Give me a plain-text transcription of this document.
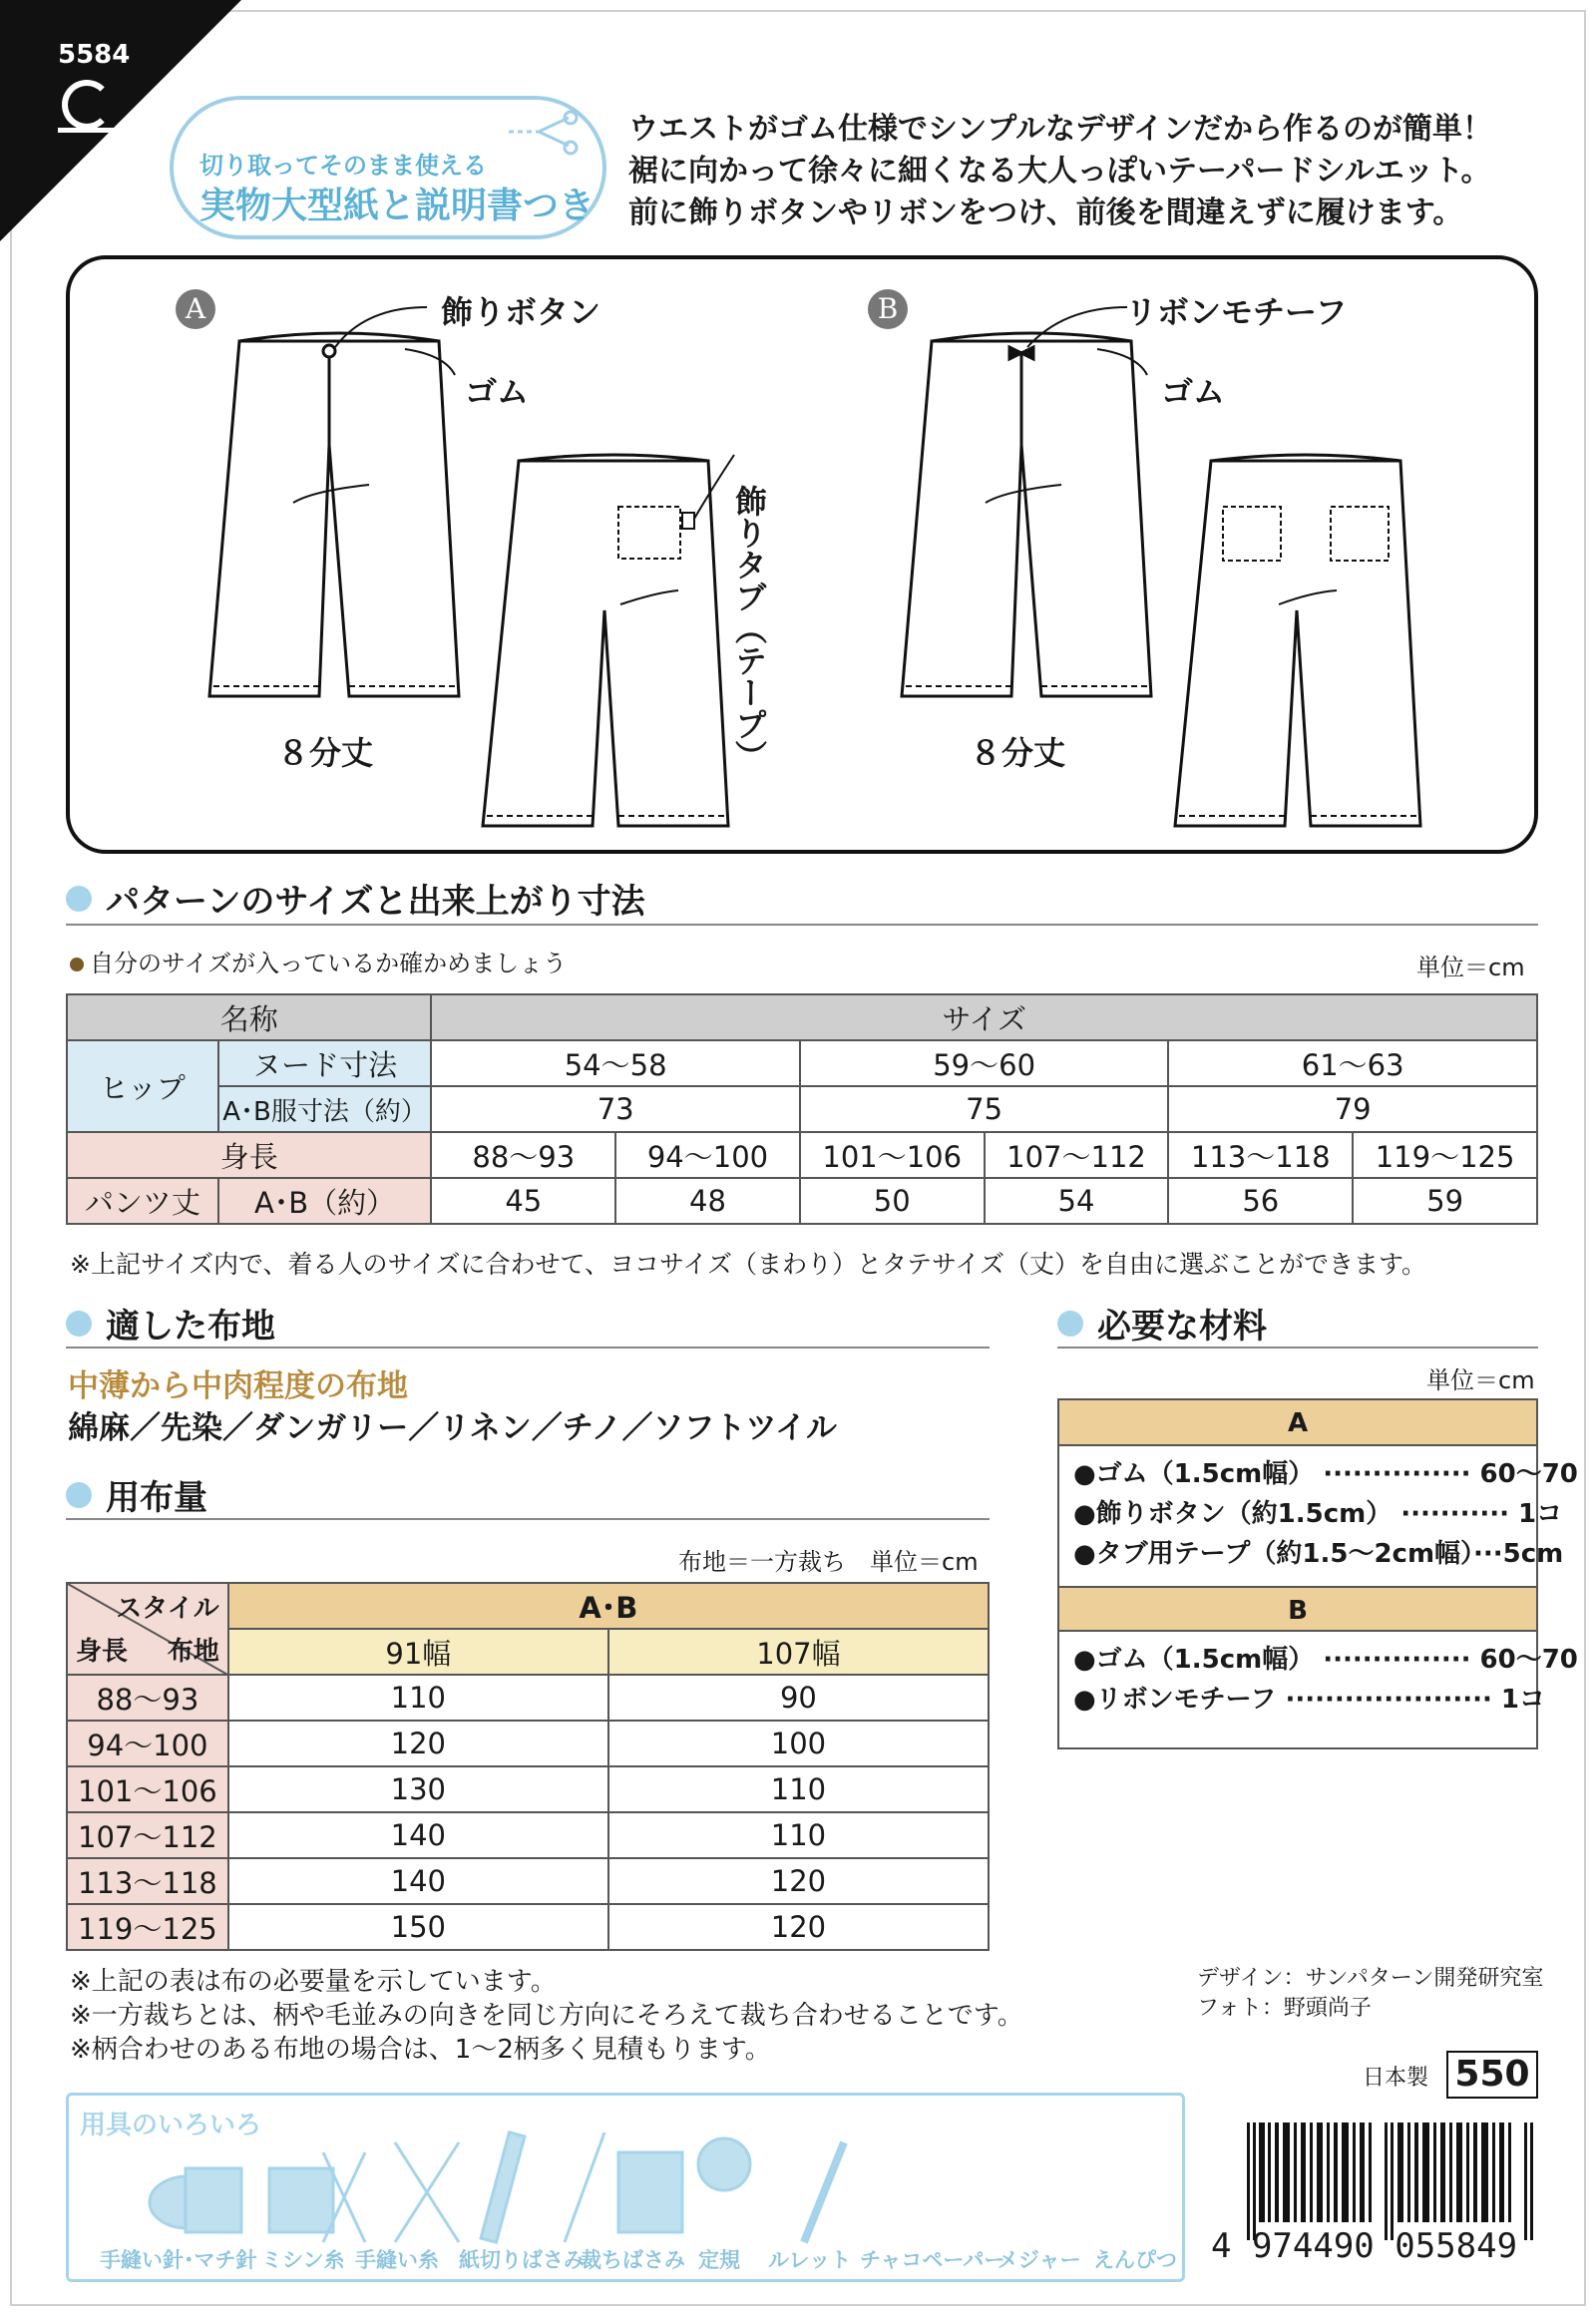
5584
切り取ってそのまま使える
実物大型紙と説明書つき
ウエストがゴム仕様でシンプルなデザインだから作るのが簡単！
裾に向かって徐々に細くなる大人っぽいテーパードシルエット。
前に飾りボタンやリボンをつけ、前後を間違えずに履けます。
A	B
飾りボタン
ゴム
飾りタブ（テープ）
８分丈
リボンモチーフ
ゴム
８分丈
パターンのサイズと出来上がり寸法
自分のサイズが入っているか確かめましょう	単位＝cm
名称		サイズ					
ヒップ	ヌード寸法	54〜58		59〜60		61〜63	
	A･B服寸法（約）	73		75		79	
身長		88〜93	94〜100	101〜106	107〜112	113〜118	119〜125
パンツ丈	A･B（約）	45	48	50	54	56	59
※上記サイズ内で、着る人のサイズに合わせて、ヨコサイズ（まわり）とタテサイズ（丈）を自由に選ぶことができます。
適した布地
中薄から中肉程度の布地
綿麻／先染／ダンガリー／リネン／チノ／ソフトツイル
用布量
布地＝一方裁ち　単位＝cm
スタイル
身長 布地	A･B	
	91幅	107幅
88〜93	110	90
94〜100	120	100
101〜106	130	110
107〜112	140	110
113〜118	140	120
119〜125	150	120
※上記の表は布の必要量を示しています。
※一方裁ちとは、柄や毛並みの向きを同じ方向にそろえて裁ち合わせることです。
※柄合わせのある布地の場合は、1〜2柄多く見積もります。
必要な材料
単位＝cm
A
●ゴム（1.5cm幅） ··············· 60〜70
●飾りボタン（約1.5cm） ··········· 1コ
●タブ用テープ（約1.5〜2cm幅）···5cm
B
●ゴム（1.5cm幅） ··············· 60〜70
●リボンモチーフ ····················· 1コ
デザイン：サンパターン開発研究室
フォト：野頭尚子
日本製 550
用具のいろいろ
手縫い針･マチ針 ミシン糸 手縫い糸 紙切りばさみ
裁ちばさみ 定規 ルレット チャコペーパー
メジャー えんぴつ 4 974490 055849
